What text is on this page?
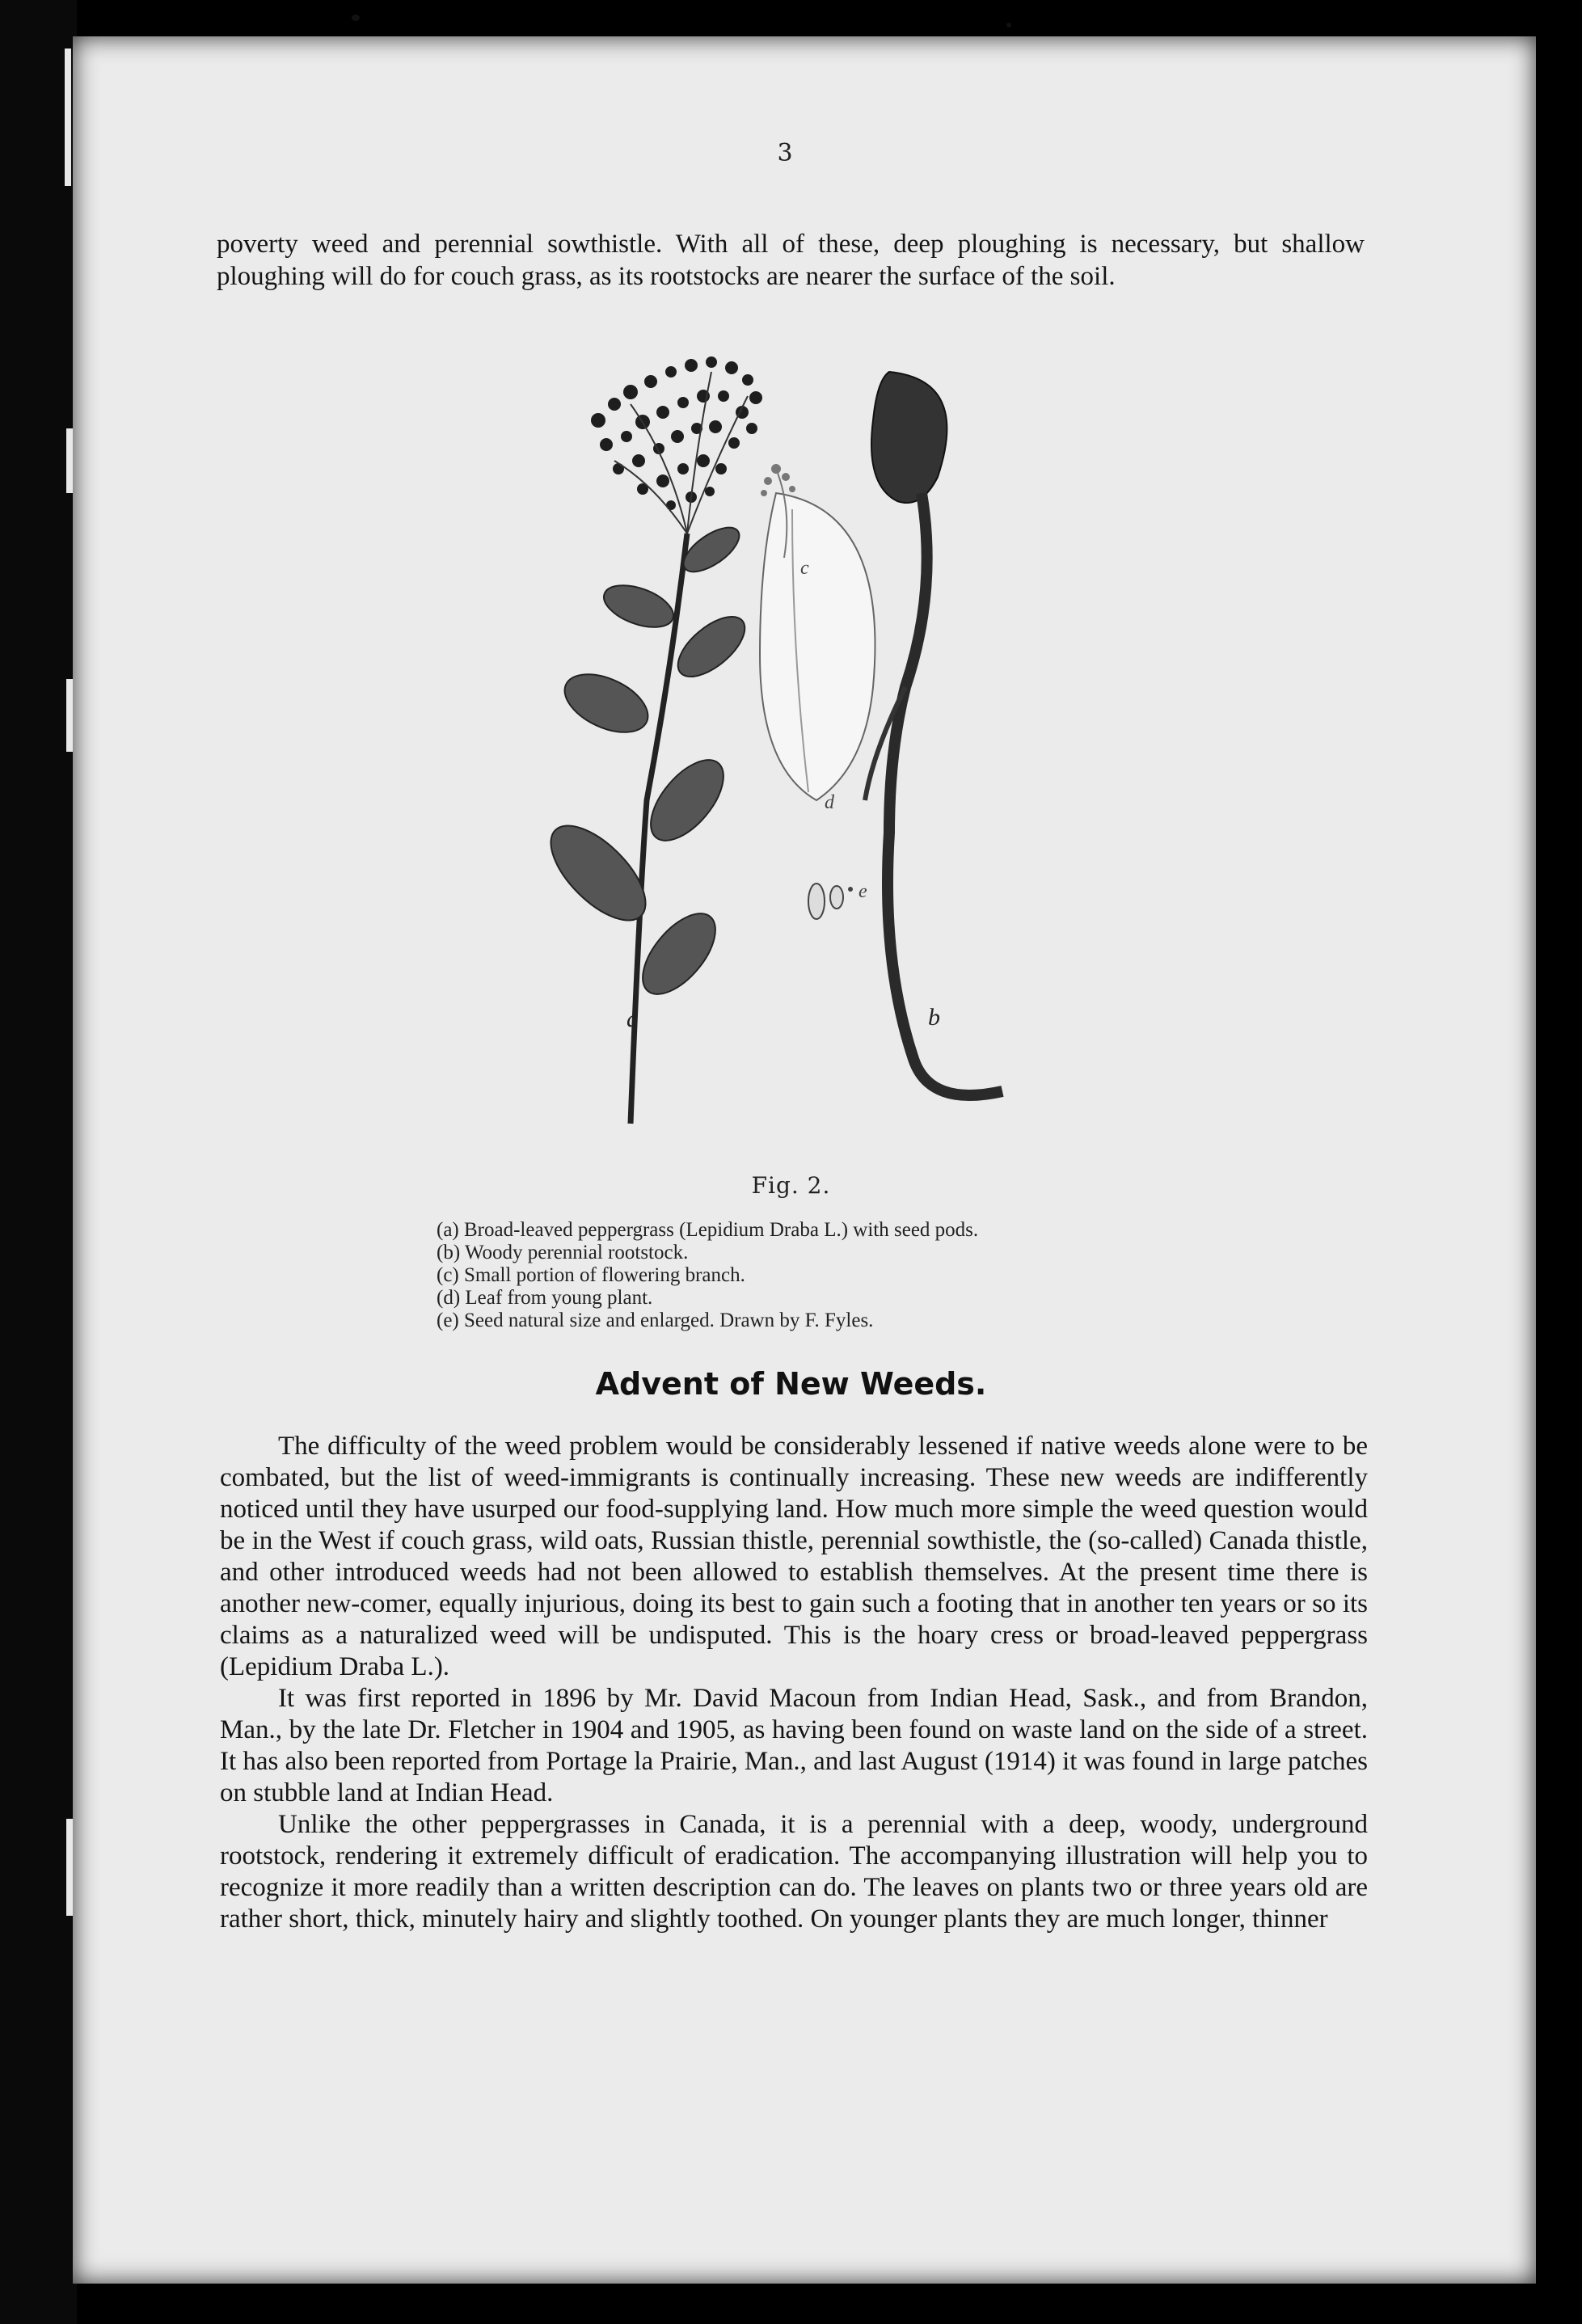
3

poverty weed and perennial sowthistle. With all of these, deep ploughing is necessary, but shallow ploughing will do for couch grass, as its rootstocks are nearer the surface of the soil.

a	b
c
d
e
Fig. 2.
(a) Broad-leaved peppergrass (Lepidium Draba L.) with seed pods.
(b) Woody perennial rootstock.
(c) Small portion of flowering branch.
(d) Leaf from young plant.
(e) Seed natural size and enlarged. Drawn by F. Fyles.
Advent of New Weeds.

The difficulty of the weed problem would be considerably lessened if native weeds alone were to be combated, but the list of weed-immigrants is continually increasing. These new weeds are indifferently noticed until they have usurped our food-supplying land. How much more simple the weed question would be in the West if couch grass, wild oats, Russian thistle, perennial sowthistle, the (so-called) Canada thistle, and other introduced weeds had not been allowed to establish themselves. At the present time there is another new-comer, equally injurious, doing its best to gain such a footing that in another ten years or so its claims as a naturalized weed will be undisputed. This is the hoary cress or broad-leaved peppergrass (Lepidium Draba L.).

It was first reported in 1896 by Mr. David Macoun from Indian Head, Sask., and from Brandon, Man., by the late Dr. Fletcher in 1904 and 1905, as having been found on waste land on the side of a street. It has also been reported from Portage la Prairie, Man., and last August (1914) it was found in large patches on stubble land at Indian Head.

Unlike the other peppergrasses in Canada, it is a perennial with a deep, woody, underground rootstock, rendering it extremely difficult of eradication. The accompanying illustration will help you to recognize it more readily than a written description can do. The leaves on plants two or three years old are rather short, thick, minutely hairy and slightly toothed. On younger plants they are much longer, thinner
